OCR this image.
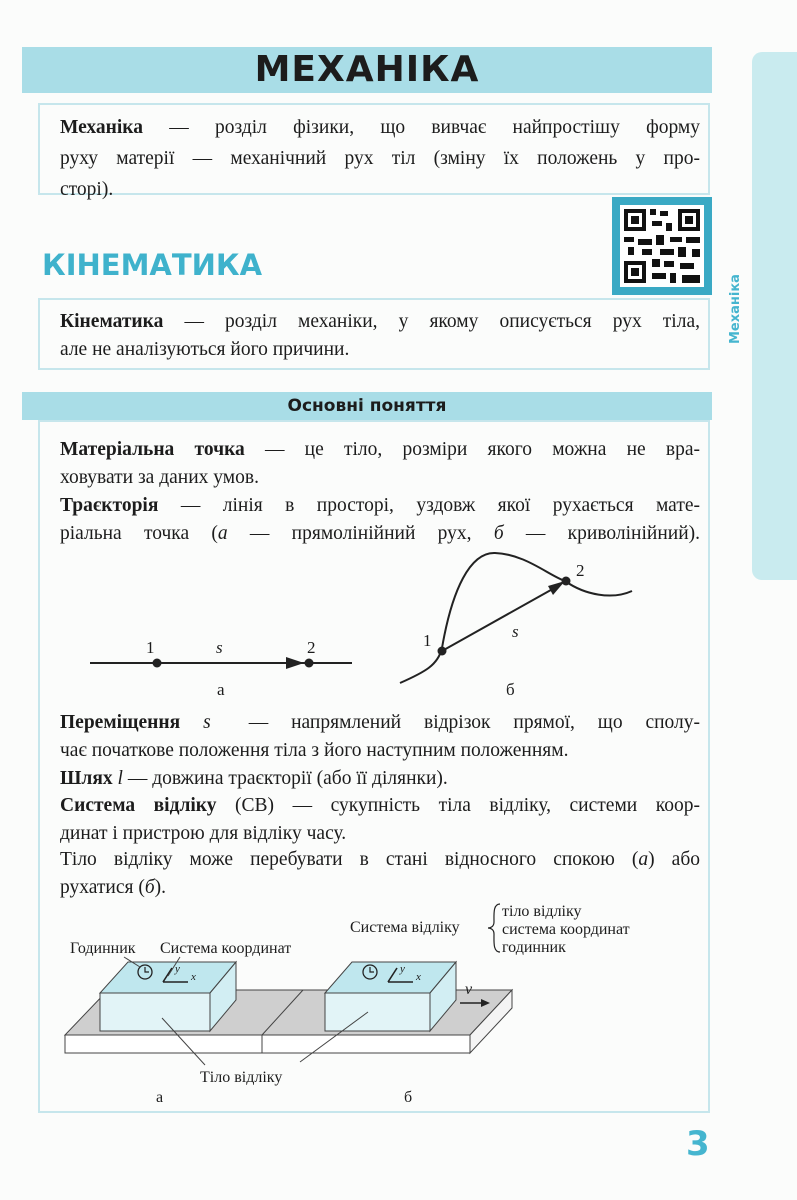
Механіка
МЕХАНІКА
Механіка — розділ фізики, що вивчає найпростішу форму
руху матерії — механічний рух тіл (зміну їх положень у про-
сторі).
КІНЕМАТИКА
Кінематика — розділ механіки, у якому описується рух тіла,
але не аналізуються його причини.
Основні поняття
Матеріальна точка — це тіло, розміри якого можна не вра-
ховувати за даних умов.
Траєкторія — лінія в просторі, уздовж якої рухається мате-
ріальна точка (а — прямолінійний рух, б — криволінійний).
1	s⃗	2
а
1
2
s⃗
б
Переміщення s⃗ — напрямлений відрізок прямої, що сполу-
чає початкове положення тіла з його наступним положенням.
Шлях l — довжина траєкторії (або її ділянки).
Система відліку (СВ) — сукупність тіла відліку, системи коор-
динат і пристрою для відліку часу.
Тіло відліку може перебувати в стані відносного спокою (а) або
рухатися (б).
y
x
y
x
v⃗
Годинник Система координат
Система відліку
тіло відліку
система координат
годинник
Тіло відліку
а	б
3
